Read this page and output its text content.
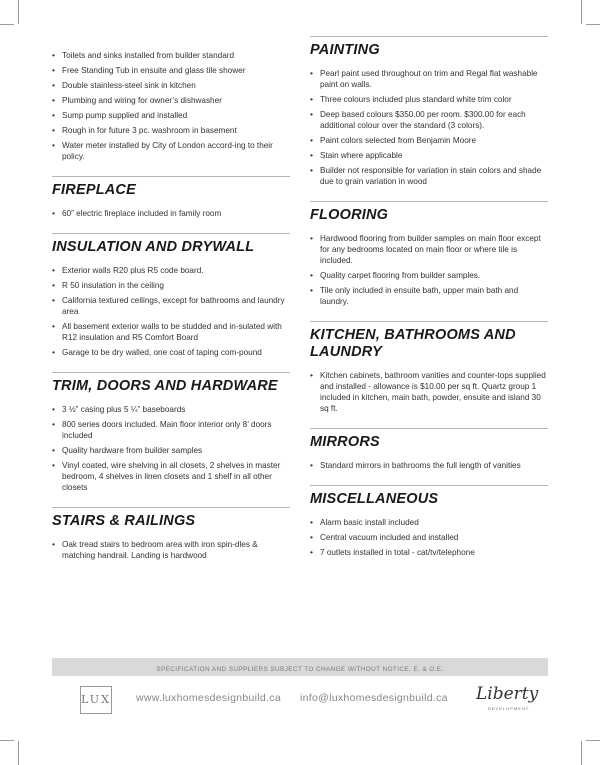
• Toilets and sinks installed from builder standard
• Free Standing Tub in ensuite and glass tile shower
• Double stainless-steel sink in kitchen
• Plumbing and wiring for owner’s dishwasher
• Sump pump supplied and installed
• Rough in for future 3 pc. washroom in basement
• Water meter installed by City of London accord-ing to their policy.
FIREPLACE
• 60” electric fireplace included in family room
INSULATION AND DRYWALL
• Exterior walls R20 plus R5 code board.
• R 50 insulation in the ceiling
• California textured ceilings, except for bathrooms and laundry area
• All basement exterior walls to be studded and in-sulated with R12 insulation and R5 Comfort Board
• Garage to be dry walled, one coat of taping com-pound
TRIM, DOORS AND HARDWARE
• 3 ½” casing plus 5 ¼” baseboards
• 800 series doors included. Main floor interior only 8’ doors included
• Quality hardware from builder samples
• Vinyl coated, wire shelving in all closets, 2 shelves in master bedroom, 4 shelves in linen closets and 1 shelf in all other closets
STAIRS & RAILINGS
• Oak tread stairs to bedroom area with iron spin-dles & matching handrail. Landing is hardwood
PAINTING
• Pearl paint used throughout on trim and Regal flat washable paint on walls.
• Three colours included plus standard white trim color
• Deep based colours $350.00 per room. $300.00 for each additional colour over the standard (3 colors).
• Paint colors selected from Benjamin Moore
• Stain where applicable
• Builder not responsible for variation in stain colors and shade due to grain variation in wood
FLOORING
• Hardwood flooring from builder samples on main floor except for any bedrooms located on main floor or where tile is included.
• Quality carpet flooring from builder samples.
• Tile only included in ensuite bath, upper main bath and laundry.
KITCHEN, BATHROOMS AND LAUNDRY
• Kitchen cabinets, bathroom vanities and counter-tops supplied and installed - allowance is $10.00 per sq ft. Quartz group 1 included in kitchen, main bath, powder, ensuite and island 30 sq ft.
MIRRORS
• Standard mirrors in bathrooms the full length of vanities
MISCELLANEOUS
• Alarm basic install included
• Central vacuum included and installed
• 7 outlets installed in total - cat/tv/telephone
SPECIFICATION AND SUPPLIERS SUBJECT TO CHANGE WITHOUT NOTICE. E. & O.E.
LUX www.luxhomesdesignbuild.ca info@luxhomesdesignbuild.ca Liberty
DEVELOPMENT
